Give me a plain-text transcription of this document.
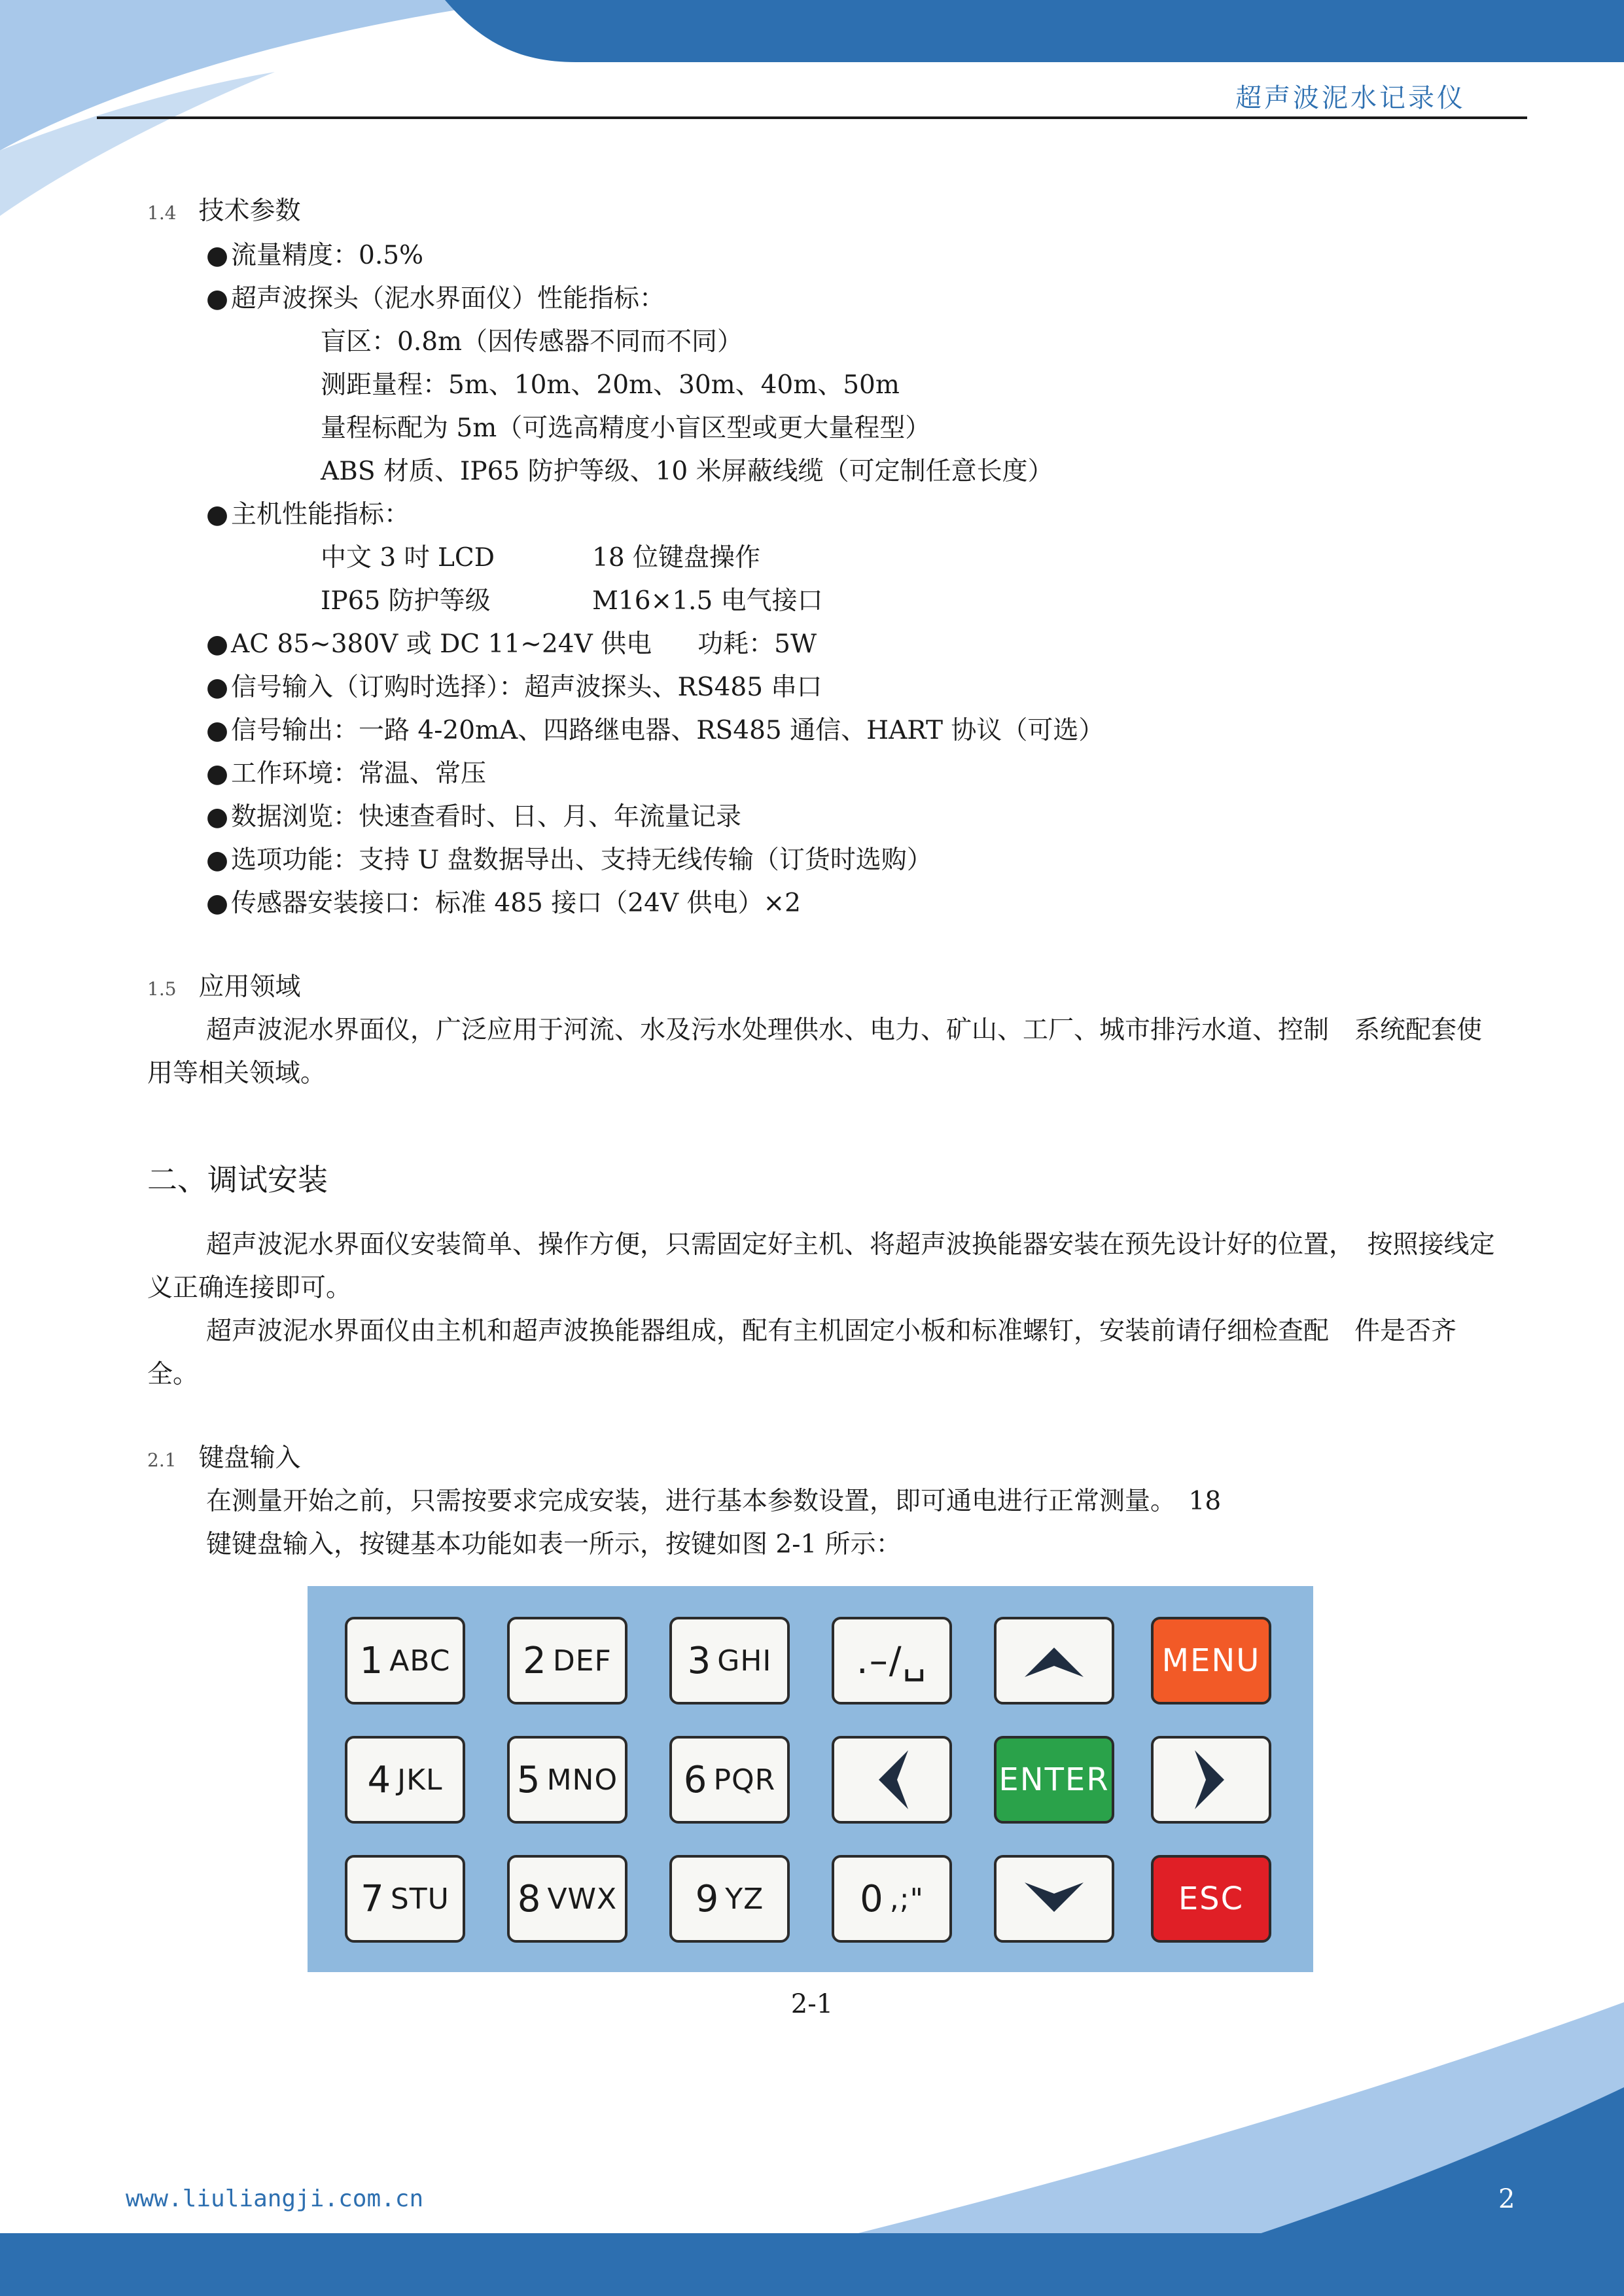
超声波泥水记录仪
1.4 技术参数
● 流量精度：0.5%
● 超声波探头（泥水界面仪）性能指标：
盲区：0.8m（因传感器不同而不同）
测距量程：5m、10m、20m、30m、40m、50m
量程标配为 5m（可选高精度小盲区型或更大量程型）
ABS 材质、IP65 防护等级、10 米屏蔽线缆（可定制任意长度）
● 主机性能指标：
中文 3 吋 LCD	18 位键盘操作
IP65 防护等级	M16×1.5 电气接口
● AC 85~380V 或 DC 11~24V 供电 功耗：5W
● 信号输入（订购时选择）：超声波探头、RS485 串口
● 信号输出：一路 4-20mA、四路继电器、RS485 通信、HART 协议（可选）
● 工作环境：常温、常压
● 数据浏览：快速查看时、日、月、年流量记录
● 选项功能：支持 U 盘数据导出、支持无线传输（订货时选购）
● 传感器安装接口：标准 485 接口（24V 供电）×2
1.5 应用领域
超声波泥水界面仪，广泛应用于河流、水及污水处理供水、电力、矿山、工厂、城市排污水道、控制　系统配套使用等相关领域。
二、调试安装
超声波泥水界面仪安装简单、操作方便，只需固定好主机、将超声波换能器安装在预先设计好的位置，　按照接线定义正确连接即可。
超声波泥水界面仪由主机和超声波换能器组成，配有主机固定小板和标准螺钉，安装前请仔细检查配　件是否齐全。
2.1 键盘输入
在测量开始之前，只需按要求完成安装，进行基本参数设置，即可通电进行正常测量。　18
键键盘输入，按键基本功能如表一所示，按键如图 2-1 所示：
1 ABC 2 DEF 3 GHI .–/␣	MENU
4 JKL 5 MNO 6 PQR	ENTER
7 STU 8 VWX 9 YZ	0 ,;"	ESC
2-1
www.liuliangji.com.cn	2
